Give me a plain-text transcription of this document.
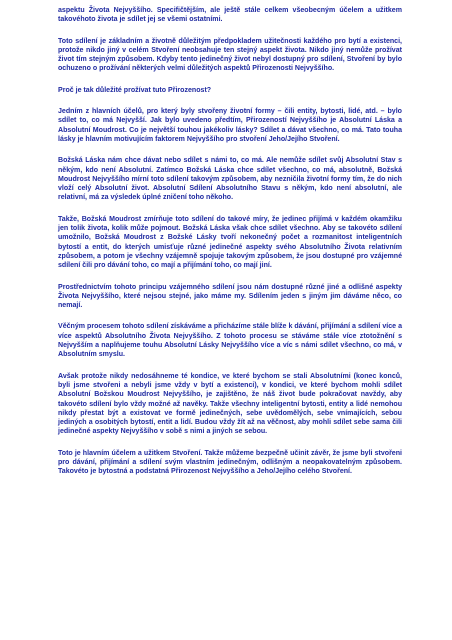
aspektu Života Nejvyššího. Specifičtějším, ale ještě stále celkem všeobecným účelem a užitkem takovéhoto života je sdílet jej se všemi ostatními.

Toto sdílení je základním a životně důležitým předpokladem užitečnosti každého pro bytí a existenci, protože nikdo jiný v celém Stvoření neobsahuje ten stejný aspekt života. Nikdo jiný nemůže prožívat život tím stejným způsobem. Kdyby tento jedinečný život nebyl dostupný pro sdílení, Stvoření by bylo ochuzeno o prožívání některých velmi důležitých aspektů Přirozenosti Nejvyššího.

Proč je tak důležité prožívat tuto Přirozenost?

Jedním z hlavních účelů, pro který byly stvořeny životní formy – čili entity, bytosti, lidé, atd. – bylo sdílet to, co má Nejvyšší. Jak bylo uvedeno předtím, Přirozeností Nejvyššího je Absolutní Láska a Absolutní Moudrost. Co je největší touhou jakékoliv lásky? Sdílet a dávat všechno, co má. Tato touha lásky je hlavním motivujícím faktorem Nejvyššího pro stvoření Jeho/Jejího Stvoření.

Božská Láska nám chce dávat nebo sdílet s námi to, co má. Ale nemůže sdílet svůj Absolutní Stav s někým, kdo není Absolutní. Zatímco Božská Láska chce sdílet všechno, co má, absolutně, Božská Moudrost Nejvyššího mírní toto sdílení takovým způsobem, aby nezničila životní formy tím, že do nich vloží celý Absolutní život. Absolutní Sdílení Absolutního Stavu s někým, kdo není absolutní, ale relativní, má za výsledek úplné zničení toho někoho.

Takže, Božská Moudrost zmírňuje toto sdílení do takové míry, že jedinec přijímá v každém okamžiku jen tolik života, kolik může pojmout. Božská Láska však chce sdílet všechno. Aby se takovéto sdílení umožnilo, Božská Moudrost z Božské Lásky tvoří nekonečný počet a rozmanitost inteligentních bytostí a entit, do kterých umisťuje různé jedinečné aspekty svého Absolutního Života relativním způsobem, a potom je všechny vzájemně spojuje takovým způsobem, že jsou dostupné pro vzájemné sdílení čili pro dávání toho, co mají a přijímání toho, co mají jiní.

Prostřednictvím tohoto principu vzájemného sdílení jsou nám dostupné různé jiné a odlišné aspekty Života Nejvyššího, které nejsou stejné, jako máme my. Sdílením jeden s jiným jim dáváme něco, co nemají.

Věčným procesem tohoto sdílení získáváme a přicházíme stále blíže k dávání, přijímání a sdílení více a více aspektů Absolutního Života Nejvyššího. Z tohoto procesu se stáváme stále více ztotožnění s Nejvyšším a naplňujeme touhu Absolutní Lásky Nejvyššího více a víc s námi sdílet všechno, co má, v Absolutním smyslu.

Avšak protože nikdy nedosáhneme té kondice, ve které bychom se stali Absolutními (konec konců, byli jsme stvořeni a nebyli jsme vždy v bytí a existenci), v kondici, ve které bychom mohli sdílet Absolutní Božskou Moudrost Nejvyššího, je zajištěno, že náš život bude pokračovat navždy, aby takovéto sdílení bylo vždy možné až navěky. Takže všechny inteligentní bytosti, entity a lidé nemohou nikdy přestat být a existovat ve formě jedinečných, sebe uvědomělých, sebe vnímajících, sebou jediných a osobitých bytostí, entit a lidí. Budou vždy žít až na věčnost, aby mohli sdílet sebe sama čili jedinečné aspekty Nejvyššího v sobě s nimi a jiných se sebou.

Toto je hlavním účelem a užitkem Stvoření. Takže můžeme bezpečně učinit závěr, že jsme byli stvořeni pro dávání, přijímání a sdílení svým vlastním jedinečným, odlišným a neopakovatelným způsobem. Takovéto je bytostná a podstatná Přirozenost Nejvyššího a Jeho/Jejího celého Stvoření.
